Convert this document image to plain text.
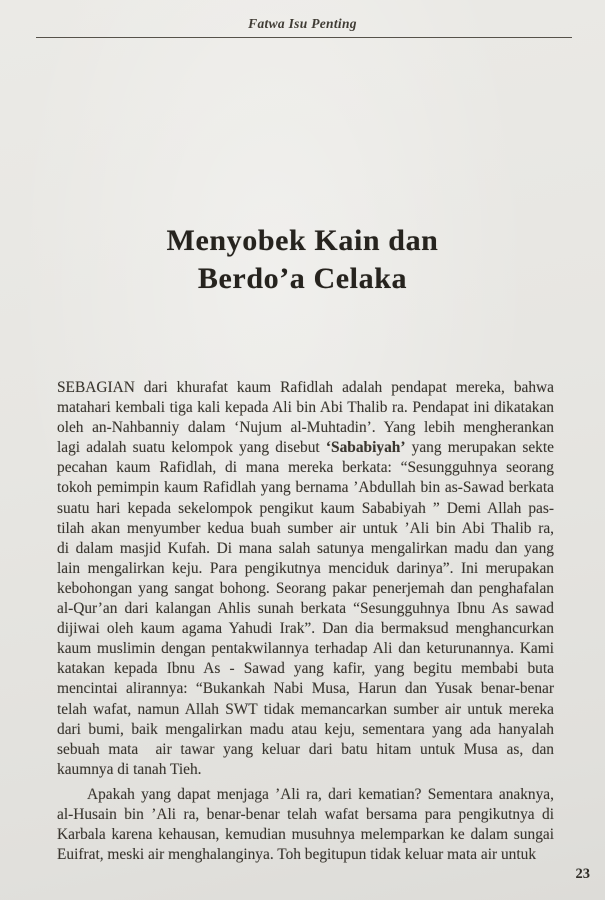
Fatwa Isu Penting
Menyobek Kain dan
Berdo’a Celaka
SEBAGIAN dari khurafat kaum Rafidlah adalah pendapat mereka, bahwa
matahari kembali tiga kali kepada Ali bin Abi Thalib ra. Pendapat ini dikatakan
oleh an-Nahbanniy dalam ‘Nujum al-Muhtadin’. Yang lebih mengherankan
lagi adalah suatu kelompok yang disebut ‘Sababiyah’ yang merupakan sekte
pecahan kaum Rafidlah, di mana mereka berkata: “Sesungguhnya seorang
tokoh pemimpin kaum Rafidlah yang bernama ’Abdullah bin as-Sawad berkata
suatu hari kepada sekelompok pengikut kaum Sababiyah ” Demi Allah pas-
tilah akan menyumber kedua buah sumber air untuk ’Ali bin Abi Thalib ra,
di dalam masjid Kufah. Di mana salah satunya mengalirkan madu dan yang
lain mengalirkan keju. Para pengikutnya menciduk darinya”. Ini merupakan
kebohongan yang sangat bohong. Seorang pakar penerjemah dan penghafalan
al-Qur’an dari kalangan Ahlis sunah berkata “Sesungguhnya Ibnu As sawad
dijiwai oleh kaum agama Yahudi Irak”. Dan dia bermaksud menghancurkan
kaum muslimin dengan pentakwilannya terhadap Ali dan keturunannya. Kami
katakan kepada Ibnu As - Sawad yang kafir, yang begitu membabi buta
mencintai alirannya: “Bukankah Nabi Musa, Harun dan Yusak benar-benar
telah wafat, namun Allah SWT tidak memancarkan sumber air untuk mereka
dari bumi, baik mengalirkan madu atau keju, sementara yang ada hanyalah
sebuah mata  air tawar yang keluar dari batu hitam untuk Musa as, dan
kaumnya di tanah Tieh.
Apakah yang dapat menjaga ’Ali ra, dari kematian? Sementara anaknya,
al-Husain bin ’Ali ra, benar-benar telah wafat bersama para pengikutnya di
Karbala karena kehausan, kemudian musuhnya melemparkan ke dalam sungai
Euifrat, meski air menghalanginya. Toh begitupun tidak keluar mata air untuk
23
